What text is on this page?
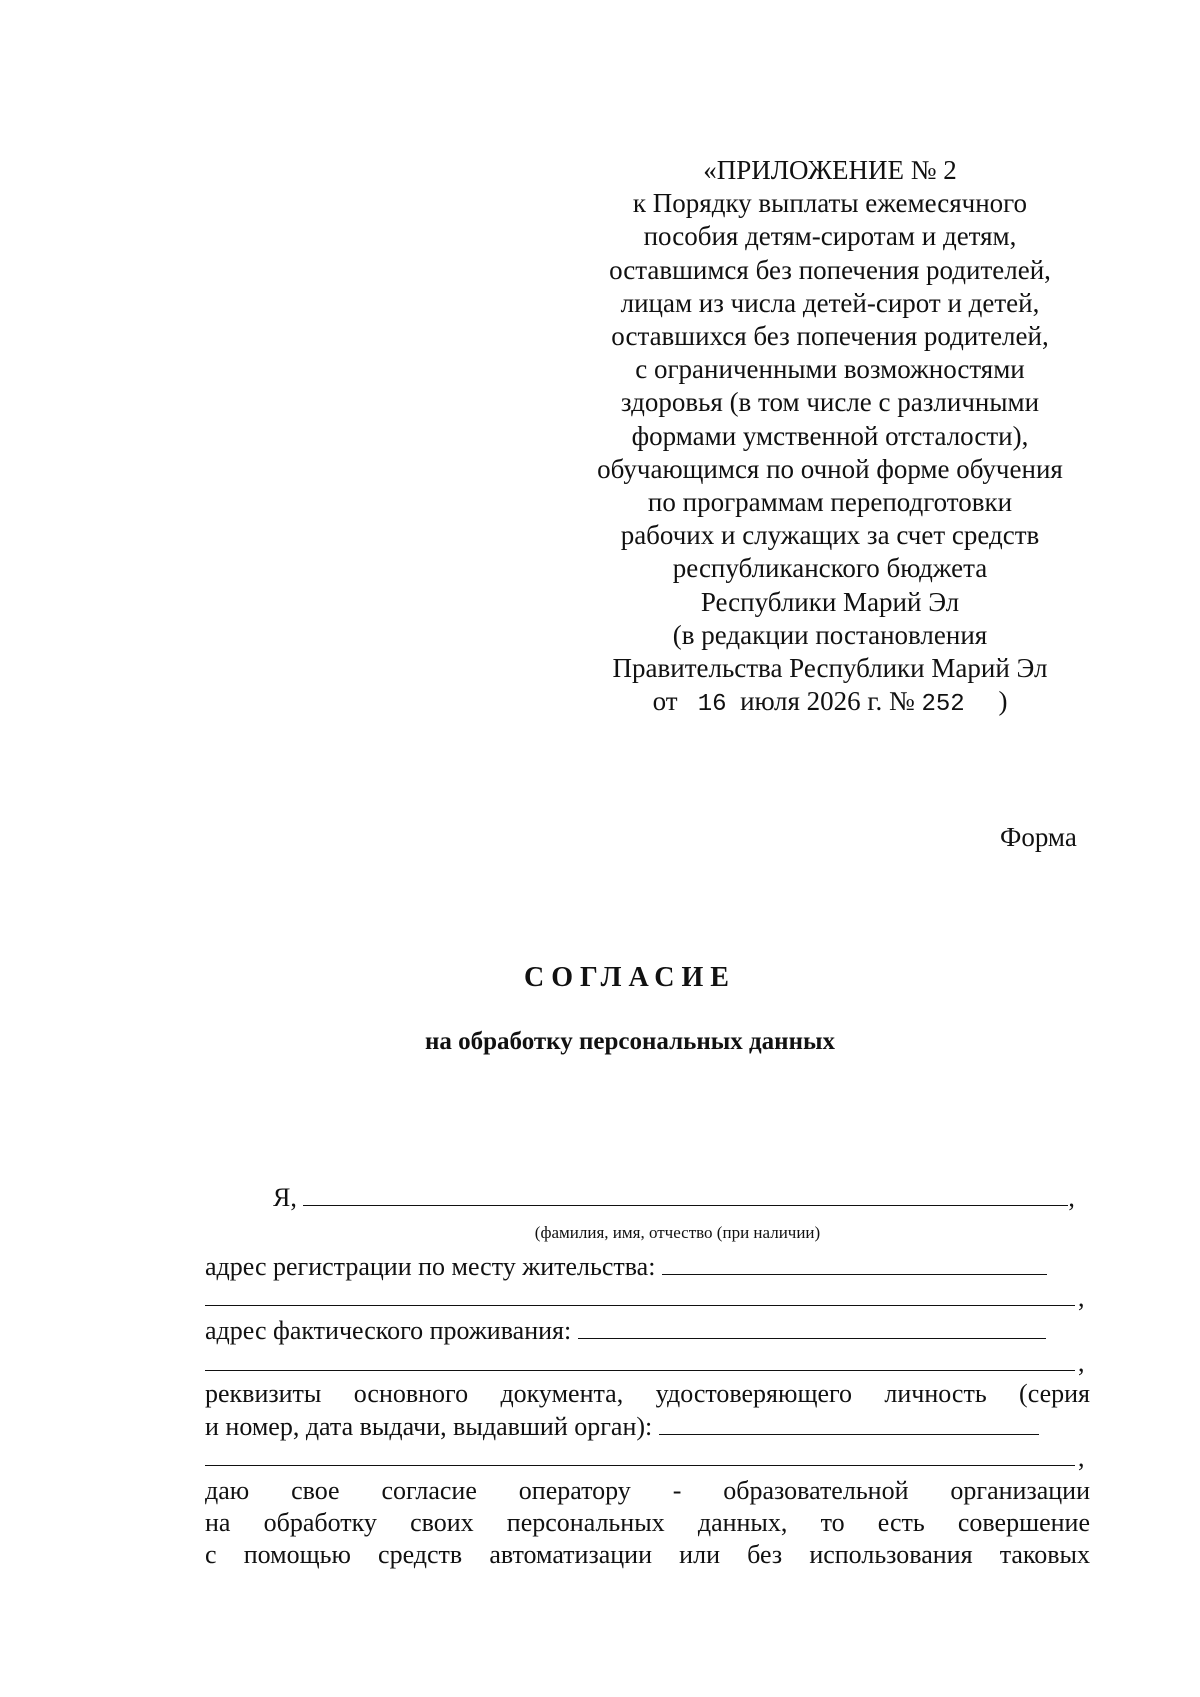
«ПРИЛОЖЕНИЕ № 2
к Порядку выплаты ежемесячного
пособия детям-сиротам и детям,
оставшимся без попечения родителей,
лицам из числа детей-сирот и детей,
оставшихся без попечения родителей,
с ограниченными возможностями
здоровья (в том числе с различными
формами умственной отсталости),
обучающимся по очной форме обучения
по программам переподготовки
рабочих и служащих за счет средств
республиканского бюджета
Республики Марий Эл
(в редакции постановления
Правительства Республики Марий Эл
от 16 июля 2026 г. № 252 )
Форма
СОГЛАСИЕ
на обработку персональных данных
Я,	,
(фамилия, имя, отчество (при наличии)
адрес регистрации по месту жительства:
,
адрес фактического проживания:
,
реквизиты основного документа, удостоверяющего личность (серия
и номер, дата выдачи, выдавший орган):
,
даю свое согласие оператору - образовательной организации
на обработку своих персональных данных, то есть совершение
с помощью средств автоматизации или без использования таковых
